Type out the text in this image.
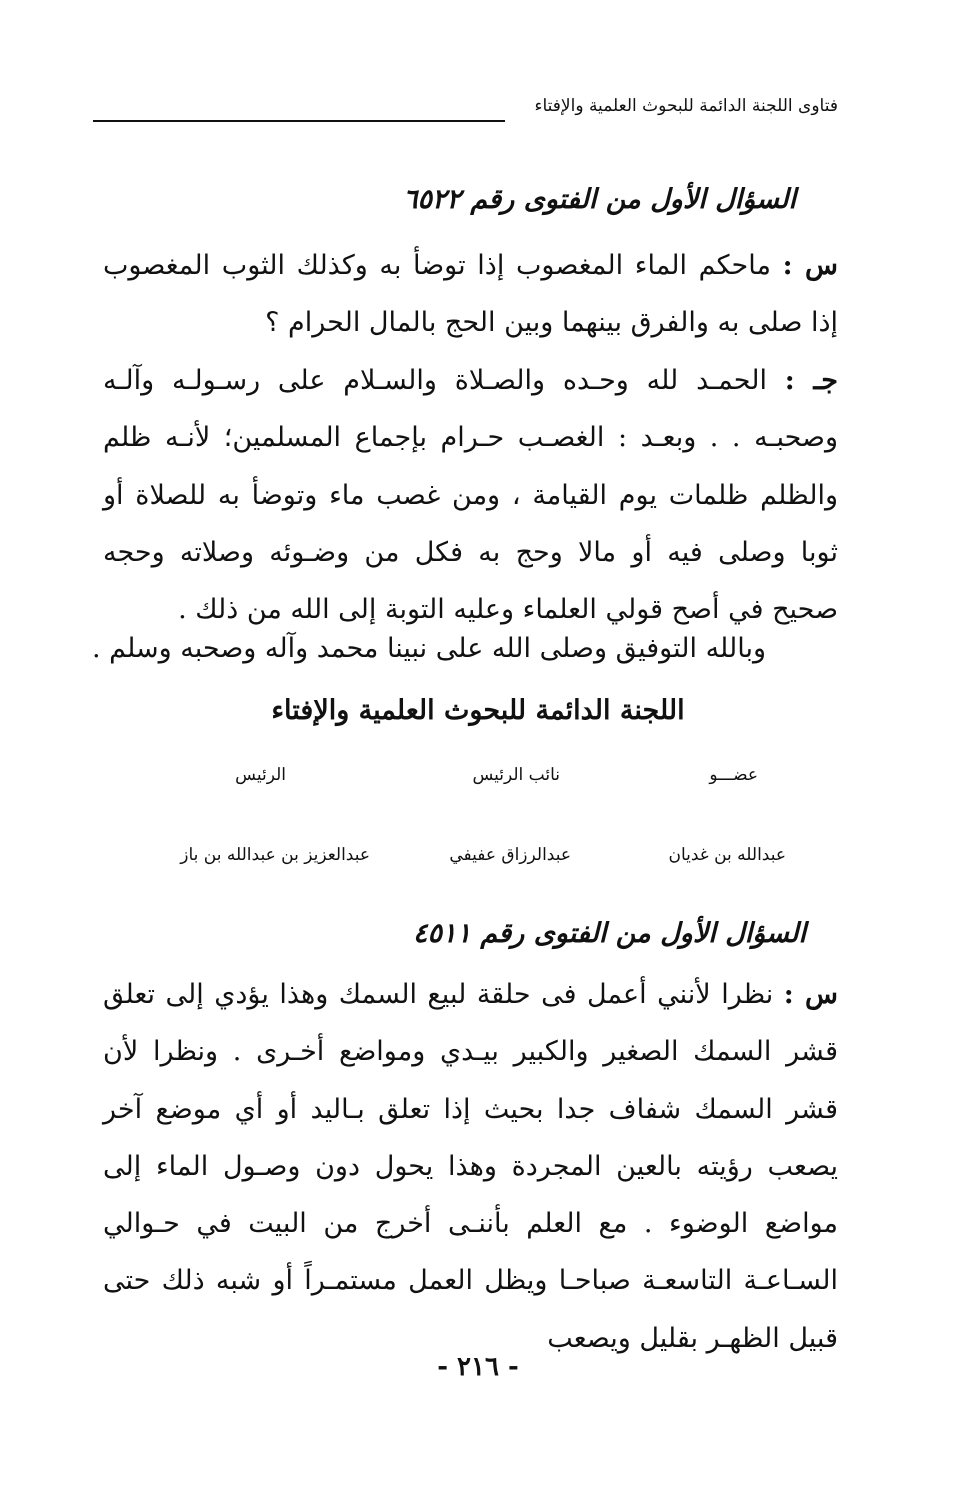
فتاوى اللجنة الدائمة للبحوث العلمية والإفتاء
السؤال الأول من الفتوى رقم ٦٥٢٢
س : ماحكم الماء المغصوب إذا توضأ به وكذلك الثوب المغصوب إذا صلى به والفرق بينهما وبين الحج بالمال الحرام ؟
جـ : الحمـد لله وحـده والصـلاة والسـلام على رسـولـه وآلـه وصحبـه . . وبعـد : الغصـب حـرام بإجماع المسلمين؛ لأنـه ظلم والظلم ظلمات يوم القيامة ، ومن غصب ماء وتوضأ به للصلاة أو ثوبا وصلى فيه أو مالا وحج به فكل من وضـوئه وصلاته وحجه صحيح في أصح قولي العلماء وعليه التوبة إلى الله من ذلك .
وبالله التوفيق وصلى الله على نبينا محمد وآله وصحبه وسلم .
اللجنة الدائمة للبحوث العلمية والإفتاء
الرئيس	نائب الرئيس	عضـــو
عبدالعزيز بن عبدالله بن باز	عبدالرزاق عفيفي	عبدالله بن غديان
السؤال الأول من الفتوى رقم ٤٥١١
س : نظرا لأنني أعمل فى حلقة لبيع السمك وهذا يؤدي إلى تعلق قشر السمك الصغير والكبير بيـدي ومواضع أخـرى . ونظرا لأن قشر السمك شفاف جدا بحيث إذا تعلق بـاليد أو أي موضع آخر يصعب رؤيته بالعين المجردة وهذا يحول دون وصـول الماء إلى مواضع الوضوء . مع العلم بأننـى أخرج من البيت في حـوالي السـاعـة التاسعـة صباحـا ويظل العمل مستمـراً أو شبه ذلك حتى قبيل الظهـر بقليل ويصعب
- ٢١٦ -
